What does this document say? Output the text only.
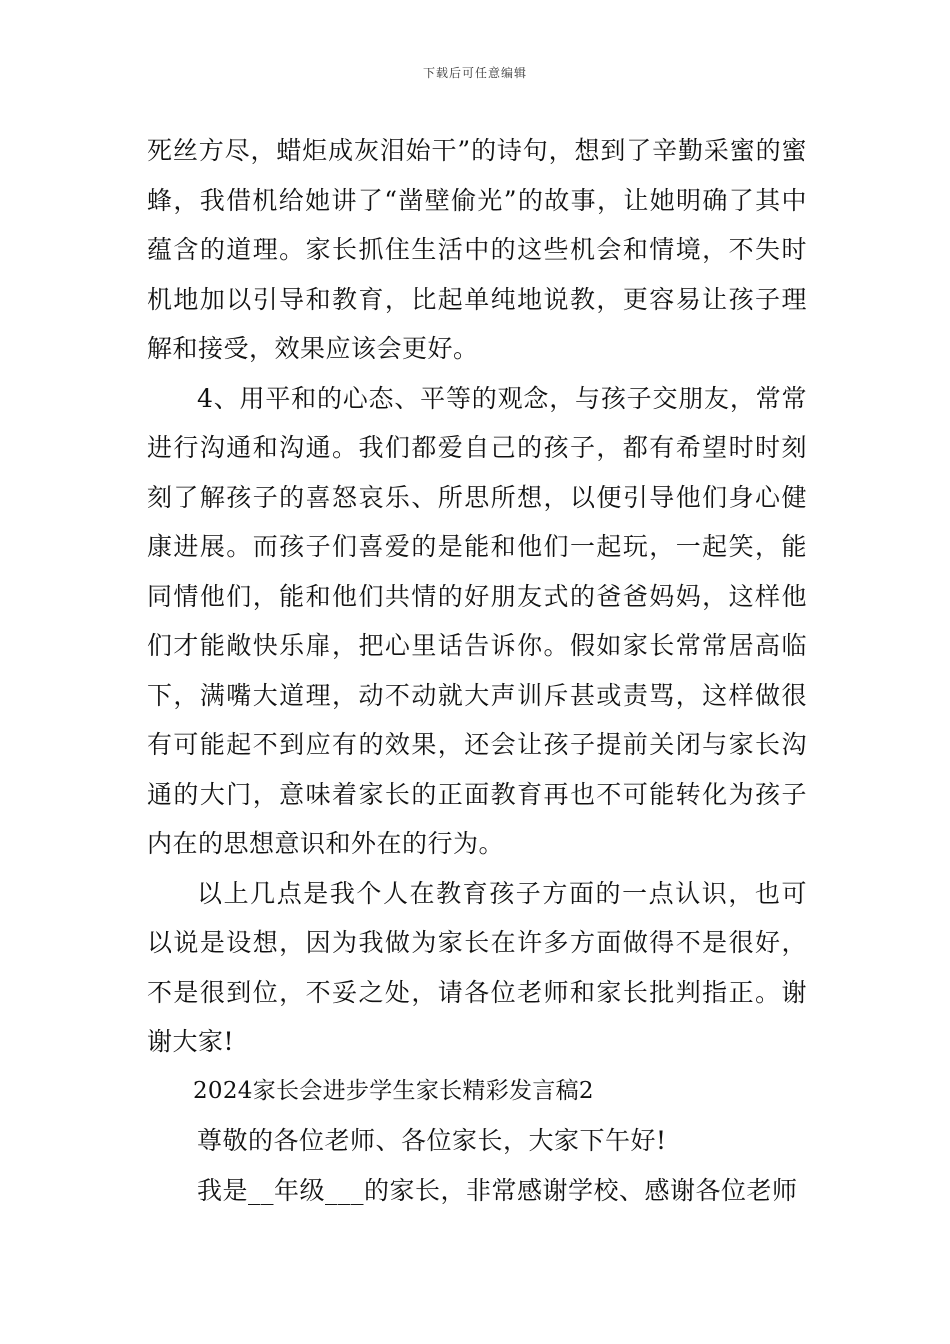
下载后可任意编辑

死丝方尽，蜡炬成灰泪始干”的诗句，想到了辛勤采蜜的蜜蜂，我借机给她讲了“凿壁偷光”的故事，让她明确了其中蕴含的道理。家长抓住生活中的这些机会和情境，不失时机地加以引导和教育，比起单纯地说教，更容易让孩子理解和接受，效果应该会更好。

4、用平和的心态、平等的观念，与孩子交朋友，常常进行沟通和沟通。我们都爱自己的孩子，都有希望时时刻刻了解孩子的喜怒哀乐、所思所想，以便引导他们身心健康进展。而孩子们喜爱的是能和他们一起玩，一起笑，能同情他们，能和他们共情的好朋友式的爸爸妈妈，这样他们才能敞快乐扉，把心里话告诉你。假如家长常常居高临下，满嘴大道理，动不动就大声训斥甚或责骂，这样做很有可能起不到应有的效果，还会让孩子提前关闭与家长沟通的大门，意味着家长的正面教育再也不可能转化为孩子内在的思想意识和外在的行为。

以上几点是我个人在教育孩子方面的一点认识，也可以说是设想，因为我做为家长在许多方面做得不是很好，不是很到位，不妥之处，请各位老师和家长批判指正。谢谢大家!

2024家长会进步学生家长精彩发言稿2

尊敬的各位老师、各位家长，大家下午好!

我是__年级___的家长，非常感谢学校、感谢各位老师
